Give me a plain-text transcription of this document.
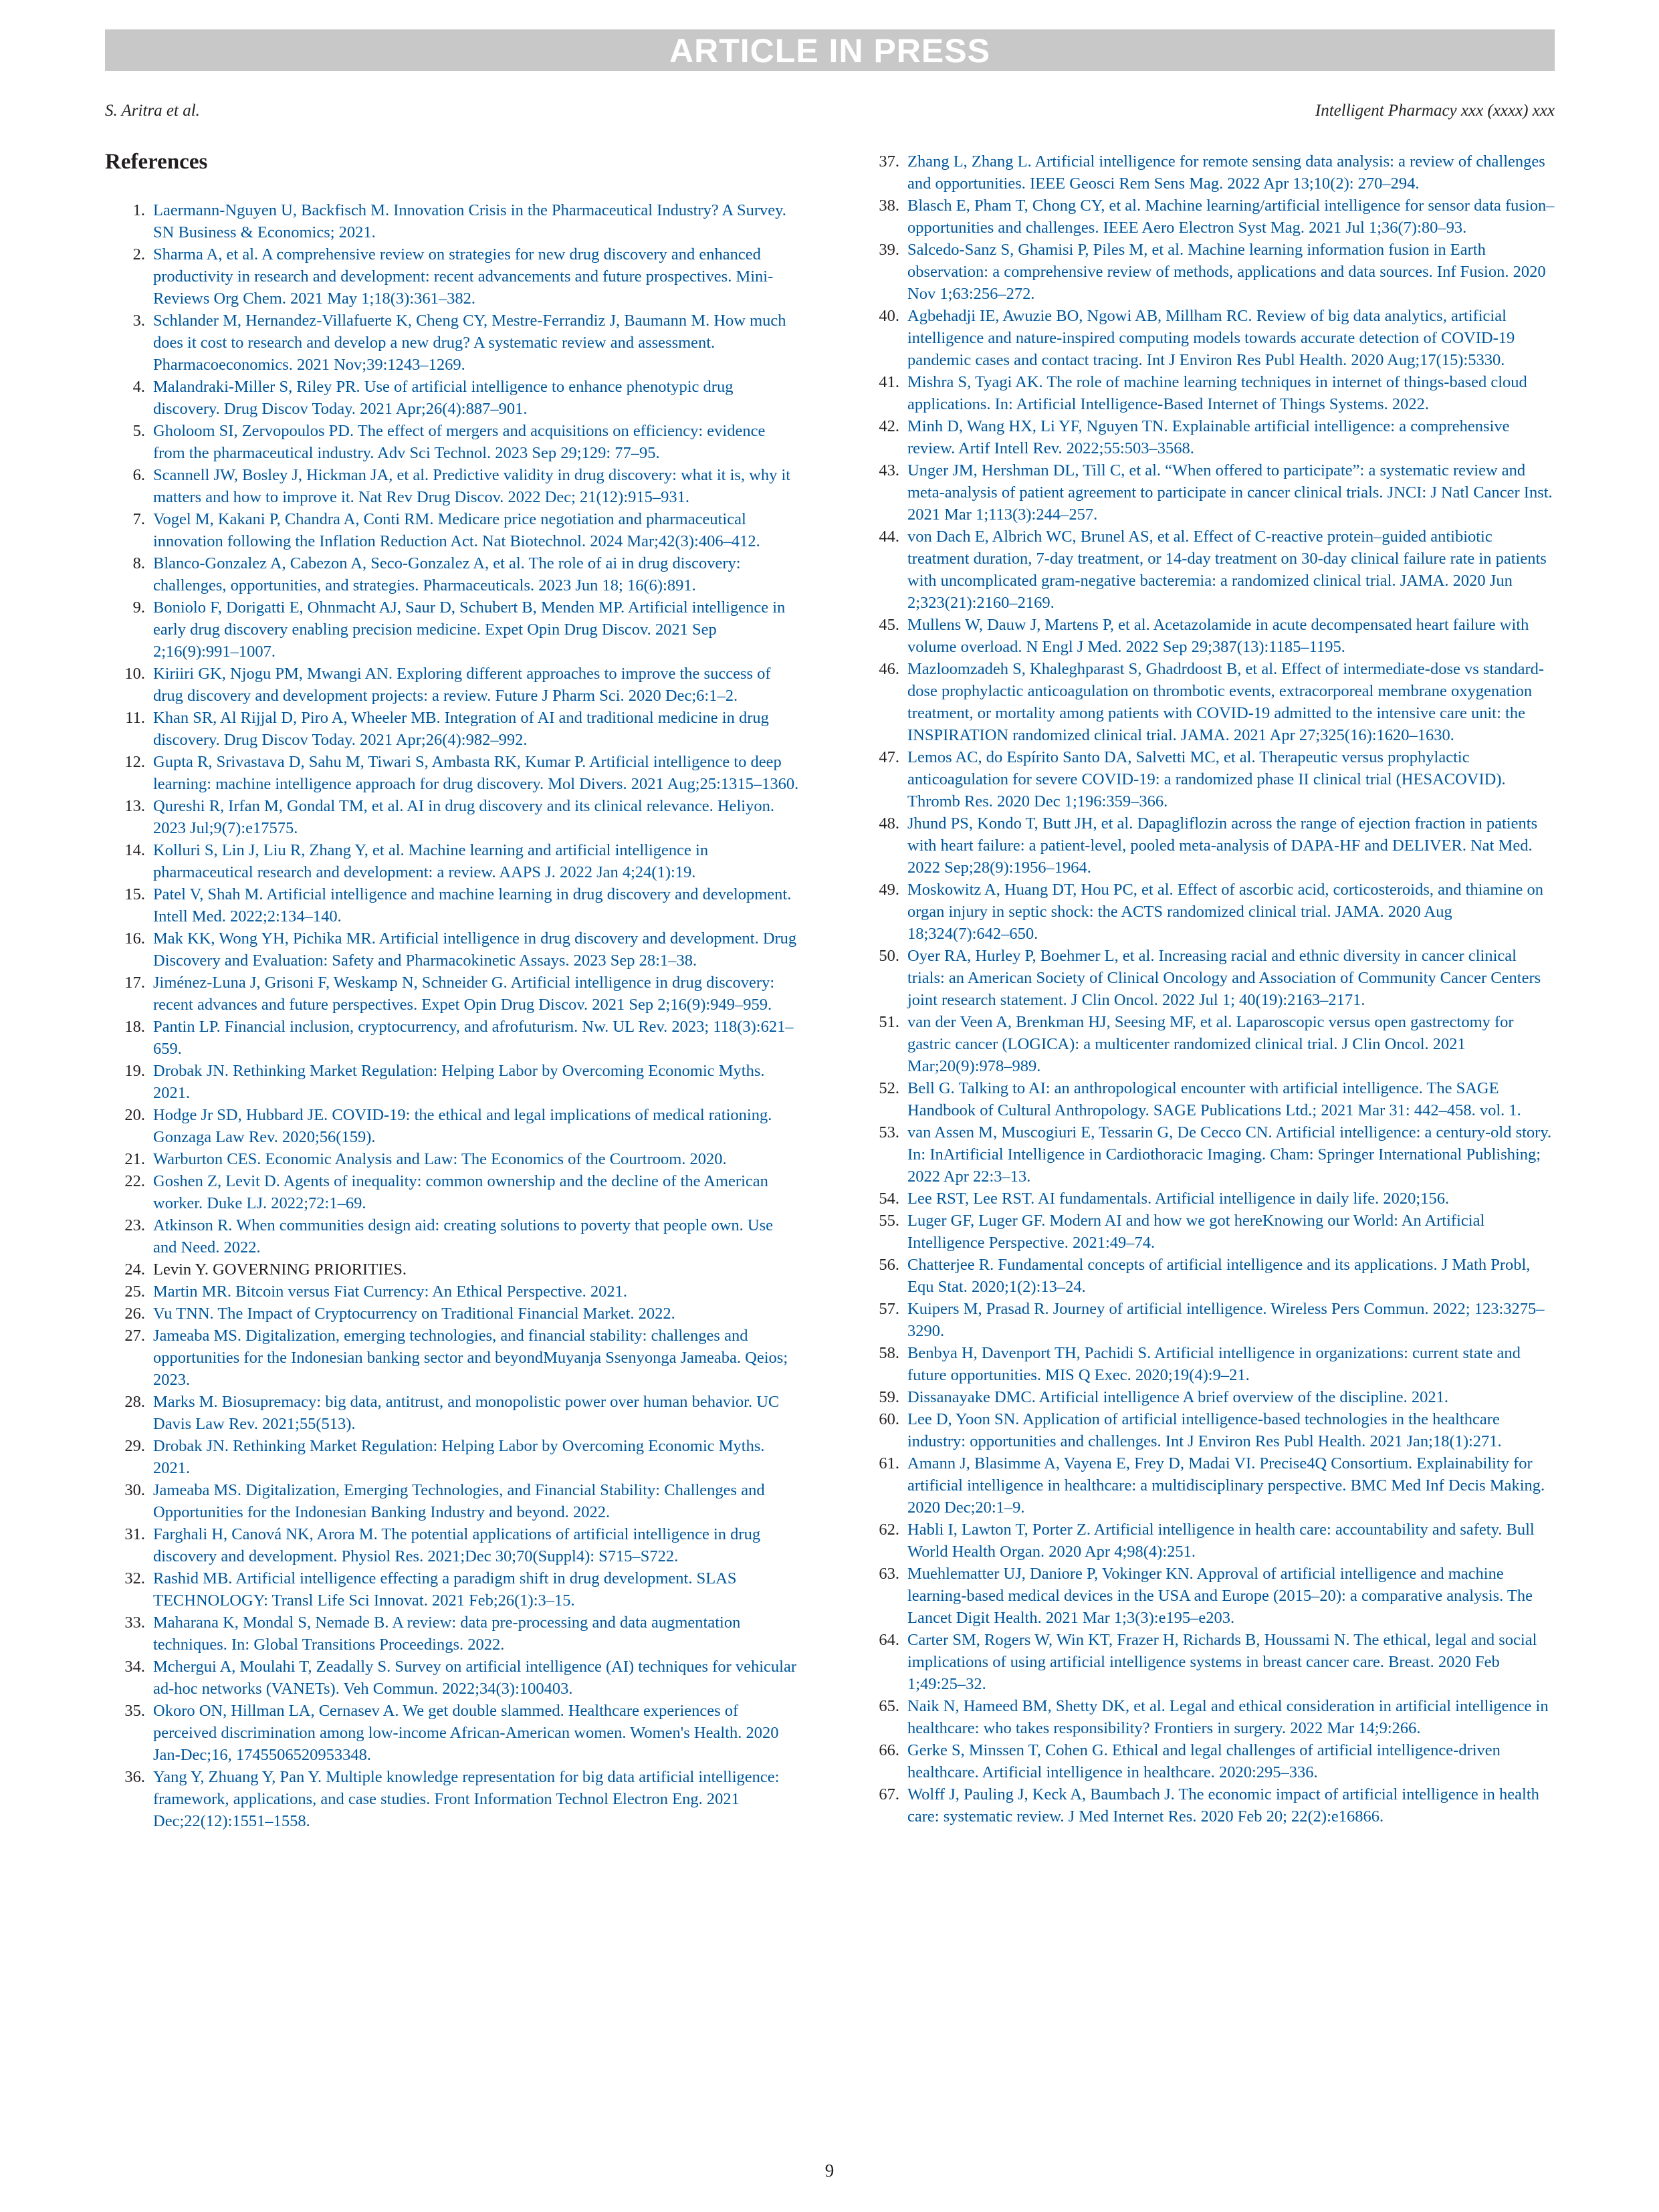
ARTICLE IN PRESS
S. Aritra et al.	Intelligent Pharmacy xxx (xxxx) xxx
References
1. Laermann-Nguyen U, Backfisch M. Innovation Crisis in the Pharmaceutical Industry? A Survey. SN Business & Economics; 2021.
2. Sharma A, et al. A comprehensive review on strategies for new drug discovery and enhanced productivity in research and development: recent advancements and future prospectives. Mini-Reviews Org Chem. 2021 May 1;18(3):361–382.
3. Schlander M, Hernandez-Villafuerte K, Cheng CY, Mestre-Ferrandiz J, Baumann M. How much does it cost to research and develop a new drug? A systematic review and assessment. Pharmacoeconomics. 2021 Nov;39:1243–1269.
4. Malandraki-Miller S, Riley PR. Use of artificial intelligence to enhance phenotypic drug discovery. Drug Discov Today. 2021 Apr;26(4):887–901.
5. Gholoom SI, Zervopoulos PD. The effect of mergers and acquisitions on efficiency: evidence from the pharmaceutical industry. Adv Sci Technol. 2023 Sep 29;129: 77–95.
6. Scannell JW, Bosley J, Hickman JA, et al. Predictive validity in drug discovery: what it is, why it matters and how to improve it. Nat Rev Drug Discov. 2022 Dec; 21(12):915–931.
7. Vogel M, Kakani P, Chandra A, Conti RM. Medicare price negotiation and pharmaceutical innovation following the Inflation Reduction Act. Nat Biotechnol. 2024 Mar;42(3):406–412.
8. Blanco-Gonzalez A, Cabezon A, Seco-Gonzalez A, et al. The role of ai in drug discovery: challenges, opportunities, and strategies. Pharmaceuticals. 2023 Jun 18; 16(6):891.
9. Boniolo F, Dorigatti E, Ohnmacht AJ, Saur D, Schubert B, Menden MP. Artificial intelligence in early drug discovery enabling precision medicine. Expet Opin Drug Discov. 2021 Sep 2;16(9):991–1007.
10. Kiriiri GK, Njogu PM, Mwangi AN. Exploring different approaches to improve the success of drug discovery and development projects: a review. Future J Pharm Sci. 2020 Dec;6:1–2.
11. Khan SR, Al Rijjal D, Piro A, Wheeler MB. Integration of AI and traditional medicine in drug discovery. Drug Discov Today. 2021 Apr;26(4):982–992.
12. Gupta R, Srivastava D, Sahu M, Tiwari S, Ambasta RK, Kumar P. Artificial intelligence to deep learning: machine intelligence approach for drug discovery. Mol Divers. 2021 Aug;25:1315–1360.
13. Qureshi R, Irfan M, Gondal TM, et al. AI in drug discovery and its clinical relevance. Heliyon. 2023 Jul;9(7):e17575.
14. Kolluri S, Lin J, Liu R, Zhang Y, et al. Machine learning and artificial intelligence in pharmaceutical research and development: a review. AAPS J. 2022 Jan 4;24(1):19.
15. Patel V, Shah M. Artificial intelligence and machine learning in drug discovery and development. Intell Med. 2022;2:134–140.
16. Mak KK, Wong YH, Pichika MR. Artificial intelligence in drug discovery and development. Drug Discovery and Evaluation: Safety and Pharmacokinetic Assays. 2023 Sep 28:1–38.
17. Jiménez-Luna J, Grisoni F, Weskamp N, Schneider G. Artificial intelligence in drug discovery: recent advances and future perspectives. Expet Opin Drug Discov. 2021 Sep 2;16(9):949–959.
18. Pantin LP. Financial inclusion, cryptocurrency, and afrofuturism. Nw. UL Rev. 2023; 118(3):621–659.
19. Drobak JN. Rethinking Market Regulation: Helping Labor by Overcoming Economic Myths. 2021.
20. Hodge Jr SD, Hubbard JE. COVID-19: the ethical and legal implications of medical rationing. Gonzaga Law Rev. 2020;56(159).
21. Warburton CES. Economic Analysis and Law: The Economics of the Courtroom. 2020.
22. Goshen Z, Levit D. Agents of inequality: common ownership and the decline of the American worker. Duke LJ. 2022;72:1–69.
23. Atkinson R. When communities design aid: creating solutions to poverty that people own. Use and Need. 2022.
24. Levin Y. GOVERNING PRIORITIES.
25. Martin MR. Bitcoin versus Fiat Currency: An Ethical Perspective. 2021.
26. Vu TNN. The Impact of Cryptocurrency on Traditional Financial Market. 2022.
27. Jameaba MS. Digitalization, emerging technologies, and financial stability: challenges and opportunities for the Indonesian banking sector and beyondMuyanja Ssenyonga Jameaba. Qeios; 2023.
28. Marks M. Biosupremacy: big data, antitrust, and monopolistic power over human behavior. UC Davis Law Rev. 2021;55(513).
29. Drobak JN. Rethinking Market Regulation: Helping Labor by Overcoming Economic Myths. 2021.
30. Jameaba MS. Digitalization, Emerging Technologies, and Financial Stability: Challenges and Opportunities for the Indonesian Banking Industry and beyond. 2022.
31. Farghali H, Canová NK, Arora M. The potential applications of artificial intelligence in drug discovery and development. Physiol Res. 2021;Dec 30;70(Suppl4): S715–S722.
32. Rashid MB. Artificial intelligence effecting a paradigm shift in drug development. SLAS TECHNOLOGY: Transl Life Sci Innovat. 2021 Feb;26(1):3–15.
33. Maharana K, Mondal S, Nemade B. A review: data pre-processing and data augmentation techniques. In: Global Transitions Proceedings. 2022.
34. Mchergui A, Moulahi T, Zeadally S. Survey on artificial intelligence (AI) techniques for vehicular ad-hoc networks (VANETs). Veh Commun. 2022;34(3):100403.
35. Okoro ON, Hillman LA, Cernasev A. We get double slammed. Healthcare experiences of perceived discrimination among low-income African-American women. Women's Health. 2020 Jan-Dec;16, 1745506520953348.
36. Yang Y, Zhuang Y, Pan Y. Multiple knowledge representation for big data artificial intelligence: framework, applications, and case studies. Front Information Technol Electron Eng. 2021 Dec;22(12):1551–1558.
37. Zhang L, Zhang L. Artificial intelligence for remote sensing data analysis: a review of challenges and opportunities. IEEE Geosci Rem Sens Mag. 2022 Apr 13;10(2): 270–294.
38. Blasch E, Pham T, Chong CY, et al. Machine learning/artificial intelligence for sensor data fusion–opportunities and challenges. IEEE Aero Electron Syst Mag. 2021 Jul 1;36(7):80–93.
39. Salcedo-Sanz S, Ghamisi P, Piles M, et al. Machine learning information fusion in Earth observation: a comprehensive review of methods, applications and data sources. Inf Fusion. 2020 Nov 1;63:256–272.
40. Agbehadji IE, Awuzie BO, Ngowi AB, Millham RC. Review of big data analytics, artificial intelligence and nature-inspired computing models towards accurate detection of COVID-19 pandemic cases and contact tracing. Int J Environ Res Publ Health. 2020 Aug;17(15):5330.
41. Mishra S, Tyagi AK. The role of machine learning techniques in internet of things-based cloud applications. In: Artificial Intelligence-Based Internet of Things Systems. 2022.
42. Minh D, Wang HX, Li YF, Nguyen TN. Explainable artificial intelligence: a comprehensive review. Artif Intell Rev. 2022;55:503–3568.
43. Unger JM, Hershman DL, Till C, et al. “When offered to participate”: a systematic review and meta-analysis of patient agreement to participate in cancer clinical trials. JNCI: J Natl Cancer Inst. 2021 Mar 1;113(3):244–257.
44. von Dach E, Albrich WC, Brunel AS, et al. Effect of C-reactive protein–guided antibiotic treatment duration, 7-day treatment, or 14-day treatment on 30-day clinical failure rate in patients with uncomplicated gram-negative bacteremia: a randomized clinical trial. JAMA. 2020 Jun 2;323(21):2160–2169.
45. Mullens W, Dauw J, Martens P, et al. Acetazolamide in acute decompensated heart failure with volume overload. N Engl J Med. 2022 Sep 29;387(13):1185–1195.
46. Mazloomzadeh S, Khaleghparast S, Ghadrdoost B, et al. Effect of intermediate-dose vs standard-dose prophylactic anticoagulation on thrombotic events, extracorporeal membrane oxygenation treatment, or mortality among patients with COVID-19 admitted to the intensive care unit: the INSPIRATION randomized clinical trial. JAMA. 2021 Apr 27;325(16):1620–1630.
47. Lemos AC, do Espírito Santo DA, Salvetti MC, et al. Therapeutic versus prophylactic anticoagulation for severe COVID-19: a randomized phase II clinical trial (HESACOVID). Thromb Res. 2020 Dec 1;196:359–366.
48. Jhund PS, Kondo T, Butt JH, et al. Dapagliflozin across the range of ejection fraction in patients with heart failure: a patient-level, pooled meta-analysis of DAPA-HF and DELIVER. Nat Med. 2022 Sep;28(9):1956–1964.
49. Moskowitz A, Huang DT, Hou PC, et al. Effect of ascorbic acid, corticosteroids, and thiamine on organ injury in septic shock: the ACTS randomized clinical trial. JAMA. 2020 Aug 18;324(7):642–650.
50. Oyer RA, Hurley P, Boehmer L, et al. Increasing racial and ethnic diversity in cancer clinical trials: an American Society of Clinical Oncology and Association of Community Cancer Centers joint research statement. J Clin Oncol. 2022 Jul 1; 40(19):2163–2171.
51. van der Veen A, Brenkman HJ, Seesing MF, et al. Laparoscopic versus open gastrectomy for gastric cancer (LOGICA): a multicenter randomized clinical trial. J Clin Oncol. 2021 Mar;20(9):978–989.
52. Bell G. Talking to AI: an anthropological encounter with artificial intelligence. The SAGE Handbook of Cultural Anthropology. SAGE Publications Ltd.; 2021 Mar 31: 442–458. vol. 1.
53. van Assen M, Muscogiuri E, Tessarin G, De Cecco CN. Artificial intelligence: a century-old story. In: InArtificial Intelligence in Cardiothoracic Imaging. Cham: Springer International Publishing; 2022 Apr 22:3–13.
54. Lee RST, Lee RST. AI fundamentals. Artificial intelligence in daily life. 2020;156.
55. Luger GF, Luger GF. Modern AI and how we got hereKnowing our World: An Artificial Intelligence Perspective. 2021:49–74.
56. Chatterjee R. Fundamental concepts of artificial intelligence and its applications. J Math Probl, Equ Stat. 2020;1(2):13–24.
57. Kuipers M, Prasad R. Journey of artificial intelligence. Wireless Pers Commun. 2022; 123:3275–3290.
58. Benbya H, Davenport TH, Pachidi S. Artificial intelligence in organizations: current state and future opportunities. MIS Q Exec. 2020;19(4):9–21.
59. Dissanayake DMC. Artificial intelligence A brief overview of the discipline. 2021.
60. Lee D, Yoon SN. Application of artificial intelligence-based technologies in the healthcare industry: opportunities and challenges. Int J Environ Res Publ Health. 2021 Jan;18(1):271.
61. Amann J, Blasimme A, Vayena E, Frey D, Madai VI. Precise4Q Consortium. Explainability for artificial intelligence in healthcare: a multidisciplinary perspective. BMC Med Inf Decis Making. 2020 Dec;20:1–9.
62. Habli I, Lawton T, Porter Z. Artificial intelligence in health care: accountability and safety. Bull World Health Organ. 2020 Apr 4;98(4):251.
63. Muehlematter UJ, Daniore P, Vokinger KN. Approval of artificial intelligence and machine learning-based medical devices in the USA and Europe (2015–20): a comparative analysis. The Lancet Digit Health. 2021 Mar 1;3(3):e195–e203.
64. Carter SM, Rogers W, Win KT, Frazer H, Richards B, Houssami N. The ethical, legal and social implications of using artificial intelligence systems in breast cancer care. Breast. 2020 Feb 1;49:25–32.
65. Naik N, Hameed BM, Shetty DK, et al. Legal and ethical consideration in artificial intelligence in healthcare: who takes responsibility? Frontiers in surgery. 2022 Mar 14;9:266.
66. Gerke S, Minssen T, Cohen G. Ethical and legal challenges of artificial intelligence-driven healthcare. Artificial intelligence in healthcare. 2020:295–336.
67. Wolff J, Pauling J, Keck A, Baumbach J. The economic impact of artificial intelligence in health care: systematic review. J Med Internet Res. 2020 Feb 20; 22(2):e16866.
9
